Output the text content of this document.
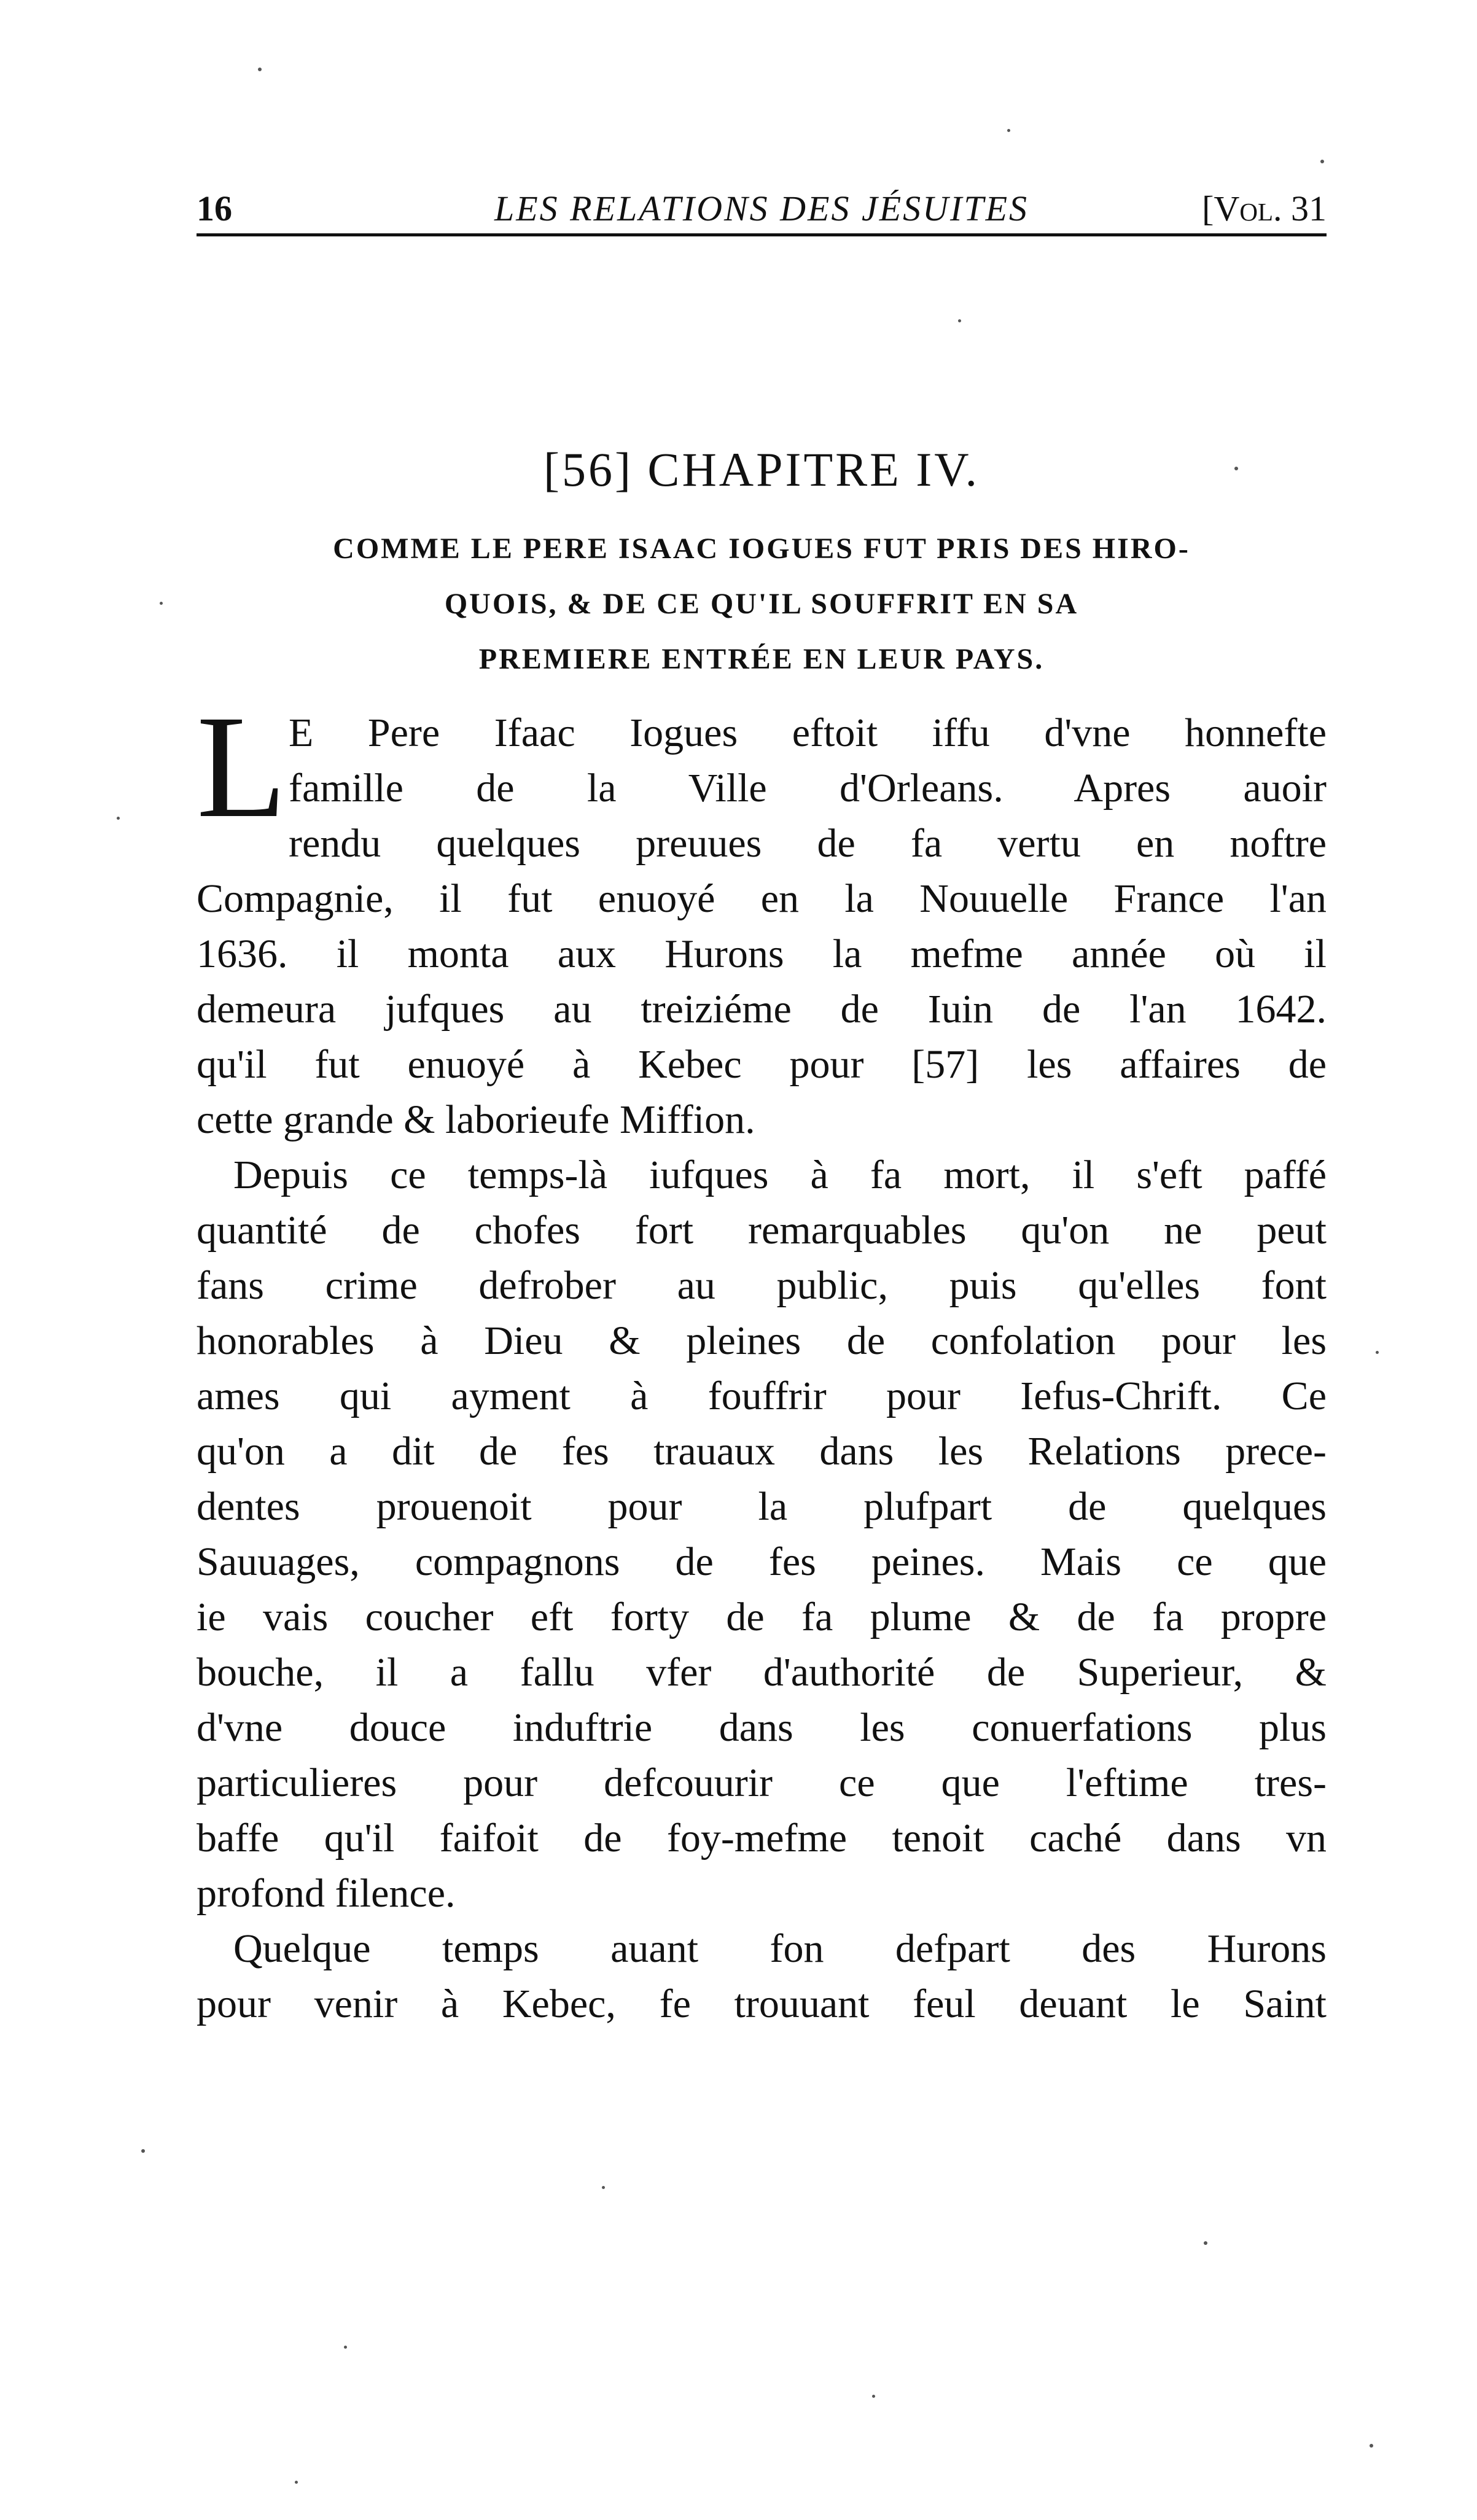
16	LES RELATIONS DES JÉSUITES	[Vol. 31
[56] CHAPITRE IV.
COMME LE PERE ISAAC IOGUES FUT PRIS DES HIRO-
QUOIS, & DE CE QU'IL SOUFFRIT EN SA
PREMIERE ENTRÉE EN LEUR PAYS.
L E Pere Ifaac Iogues eftoit iffu d'vne honnefte
famille de la Ville d'Orleans. Apres auoir
rendu quelques preuues de fa vertu en noftre
Compagnie, il fut enuoyé en la Nouuelle France l'an
1636. il monta aux Hurons la mefme année où il
demeura jufques au treiziéme de Iuin de l'an 1642.
qu'il fut enuoyé à Kebec pour [57] les affaires de
cette grande & laborieufe Miffion.
Depuis ce temps-là iufques à fa mort, il s'eft paffé
quantité de chofes fort remarquables qu'on ne peut
fans crime defrober au public, puis qu'elles font
honorables à Dieu & pleines de confolation pour les
ames qui ayment à fouffrir pour Iefus-Chrift. Ce
qu'on a dit de fes trauaux dans les Relations prece-
dentes prouenoit pour la plufpart de quelques
Sauuages, compagnons de fes peines. Mais ce que
ie vais coucher eft forty de fa plume & de fa propre
bouche, il a fallu vfer d'authorité de Superieur, &
d'vne douce induftrie dans les conuerfations plus
particulieres pour defcouurir ce que l'eftime tres-
baffe qu'il faifoit de foy-mefme tenoit caché dans vn
profond filence.
Quelque temps auant fon defpart des Hurons
pour venir à Kebec, fe trouuant feul deuant le Saint
